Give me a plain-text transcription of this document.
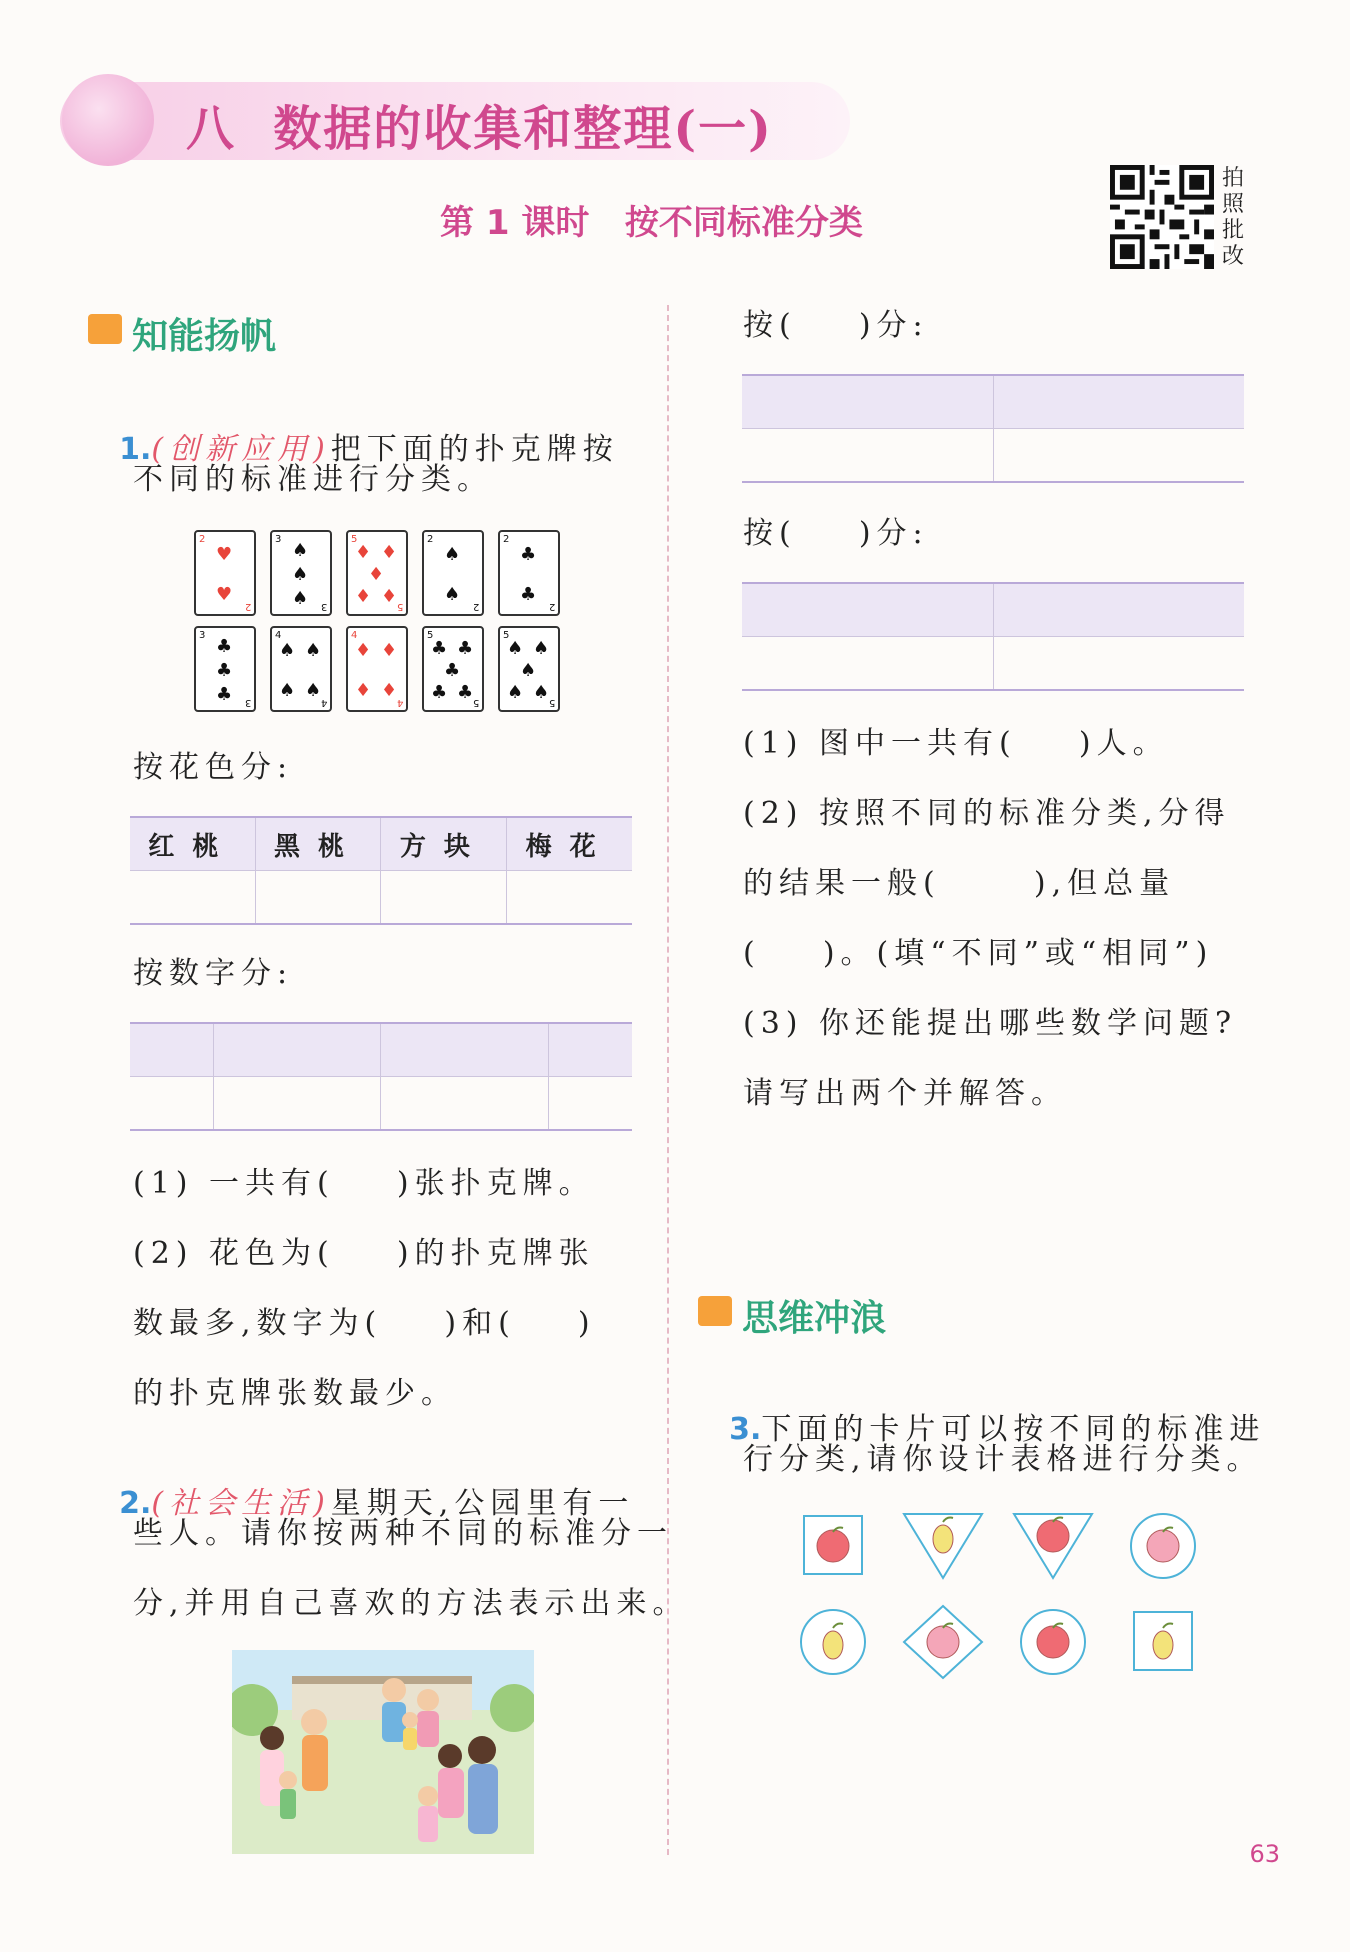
八  数据的收集和整理(一)
第 1 课时   按不同标准分类
拍照批改
知能扬帆

1.(创新应用)把下面的扑克牌按

不同的标准进行分类。
2
2
♥
♥
3
3
♠
♠
♠
5
5
♦ ♦
♦
♦ ♦
2
2
♠
♠
2
2
♣
♣
3
3
♣
♣
♣
4
4
♠ ♠
♠ ♠
4
4
♦ ♦
♦ ♦
5
5
♣ ♣
♣
♣ ♣
5
5
♠ ♠
♠
♠ ♠
按花色分:
红桃	黑桃	方块	梅花

按数字分:

(1) 一共有(    )张扑克牌。
(2) 花色为(    )的扑克牌张
数最多,数字为(    )和(    )
的扑克牌张数最少。

2.(社会生活)星期天,公园里有一

些人。请你按两种不同的标准分一
分,并用自己喜欢的方法表示出来。
按(    )分:

按(    )分:

(1) 图中一共有(    )人。
(2) 按照不同的标准分类,分得
的结果一般(      ),但总量
(    )。(填“不同”或“相同”)
(3) 你还能提出哪些数学问题?
请写出两个并解答。
思维冲浪

3.下面的卡片可以按不同的标准进

行分类,请你设计表格进行分类。
63
